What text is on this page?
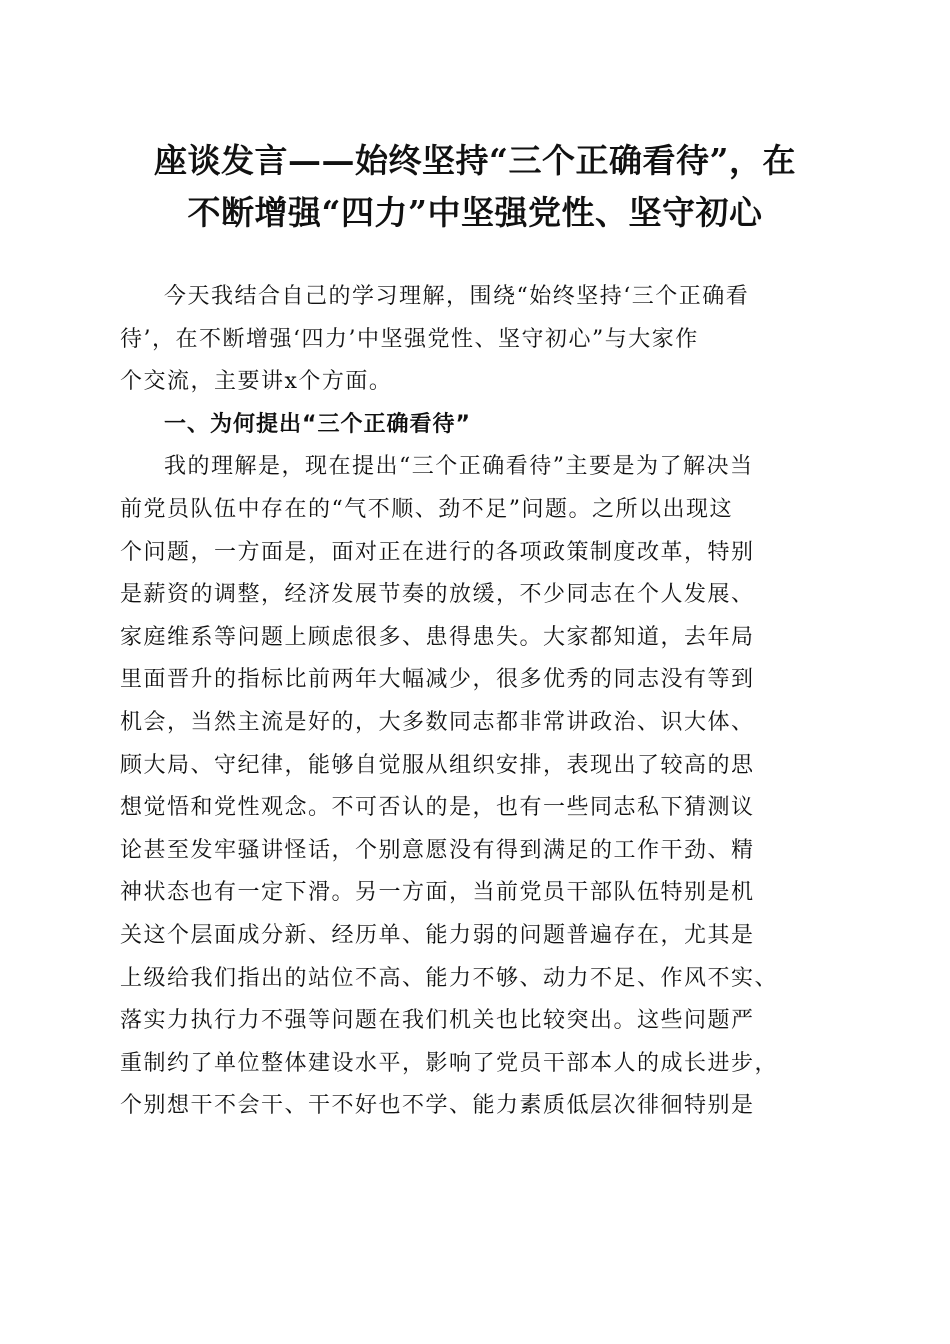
座谈发言——始终坚持“三个正确看待”，在
不断增强“四力”中坚强党性、坚守初心
今天我结合自己的学习理解，围绕“始终坚持‘三个正确看
待’，在不断增强‘四力’中坚强党性、坚守初心”与大家作
个交流，主要讲x个方面。
一、为何提出“三个正确看待”
我的理解是，现在提出“三个正确看待”主要是为了解决当
前党员队伍中存在的“气不顺、劲不足”问题。之所以出现这
个问题，一方面是，面对正在进行的各项政策制度改革，特别
是薪资的调整，经济发展节奏的放缓，不少同志在个人发展、
家庭维系等问题上顾虑很多、患得患失。大家都知道，去年局
里面晋升的指标比前两年大幅减少，很多优秀的同志没有等到
机会，当然主流是好的，大多数同志都非常讲政治、识大体、
顾大局、守纪律，能够自觉服从组织安排，表现出了较高的思
想觉悟和党性观念。不可否认的是，也有一些同志私下猜测议
论甚至发牢骚讲怪话，个别意愿没有得到满足的工作干劲、精
神状态也有一定下滑。另一方面，当前党员干部队伍特别是机
关这个层面成分新、经历单、能力弱的问题普遍存在，尤其是
上级给我们指出的站位不高、能力不够、动力不足、作风不实、
落实力执行力不强等问题在我们机关也比较突出。这些问题严
重制约了单位整体建设水平，影响了党员干部本人的成长进步，
个别想干不会干、干不好也不学、能力素质低层次徘徊特别是
